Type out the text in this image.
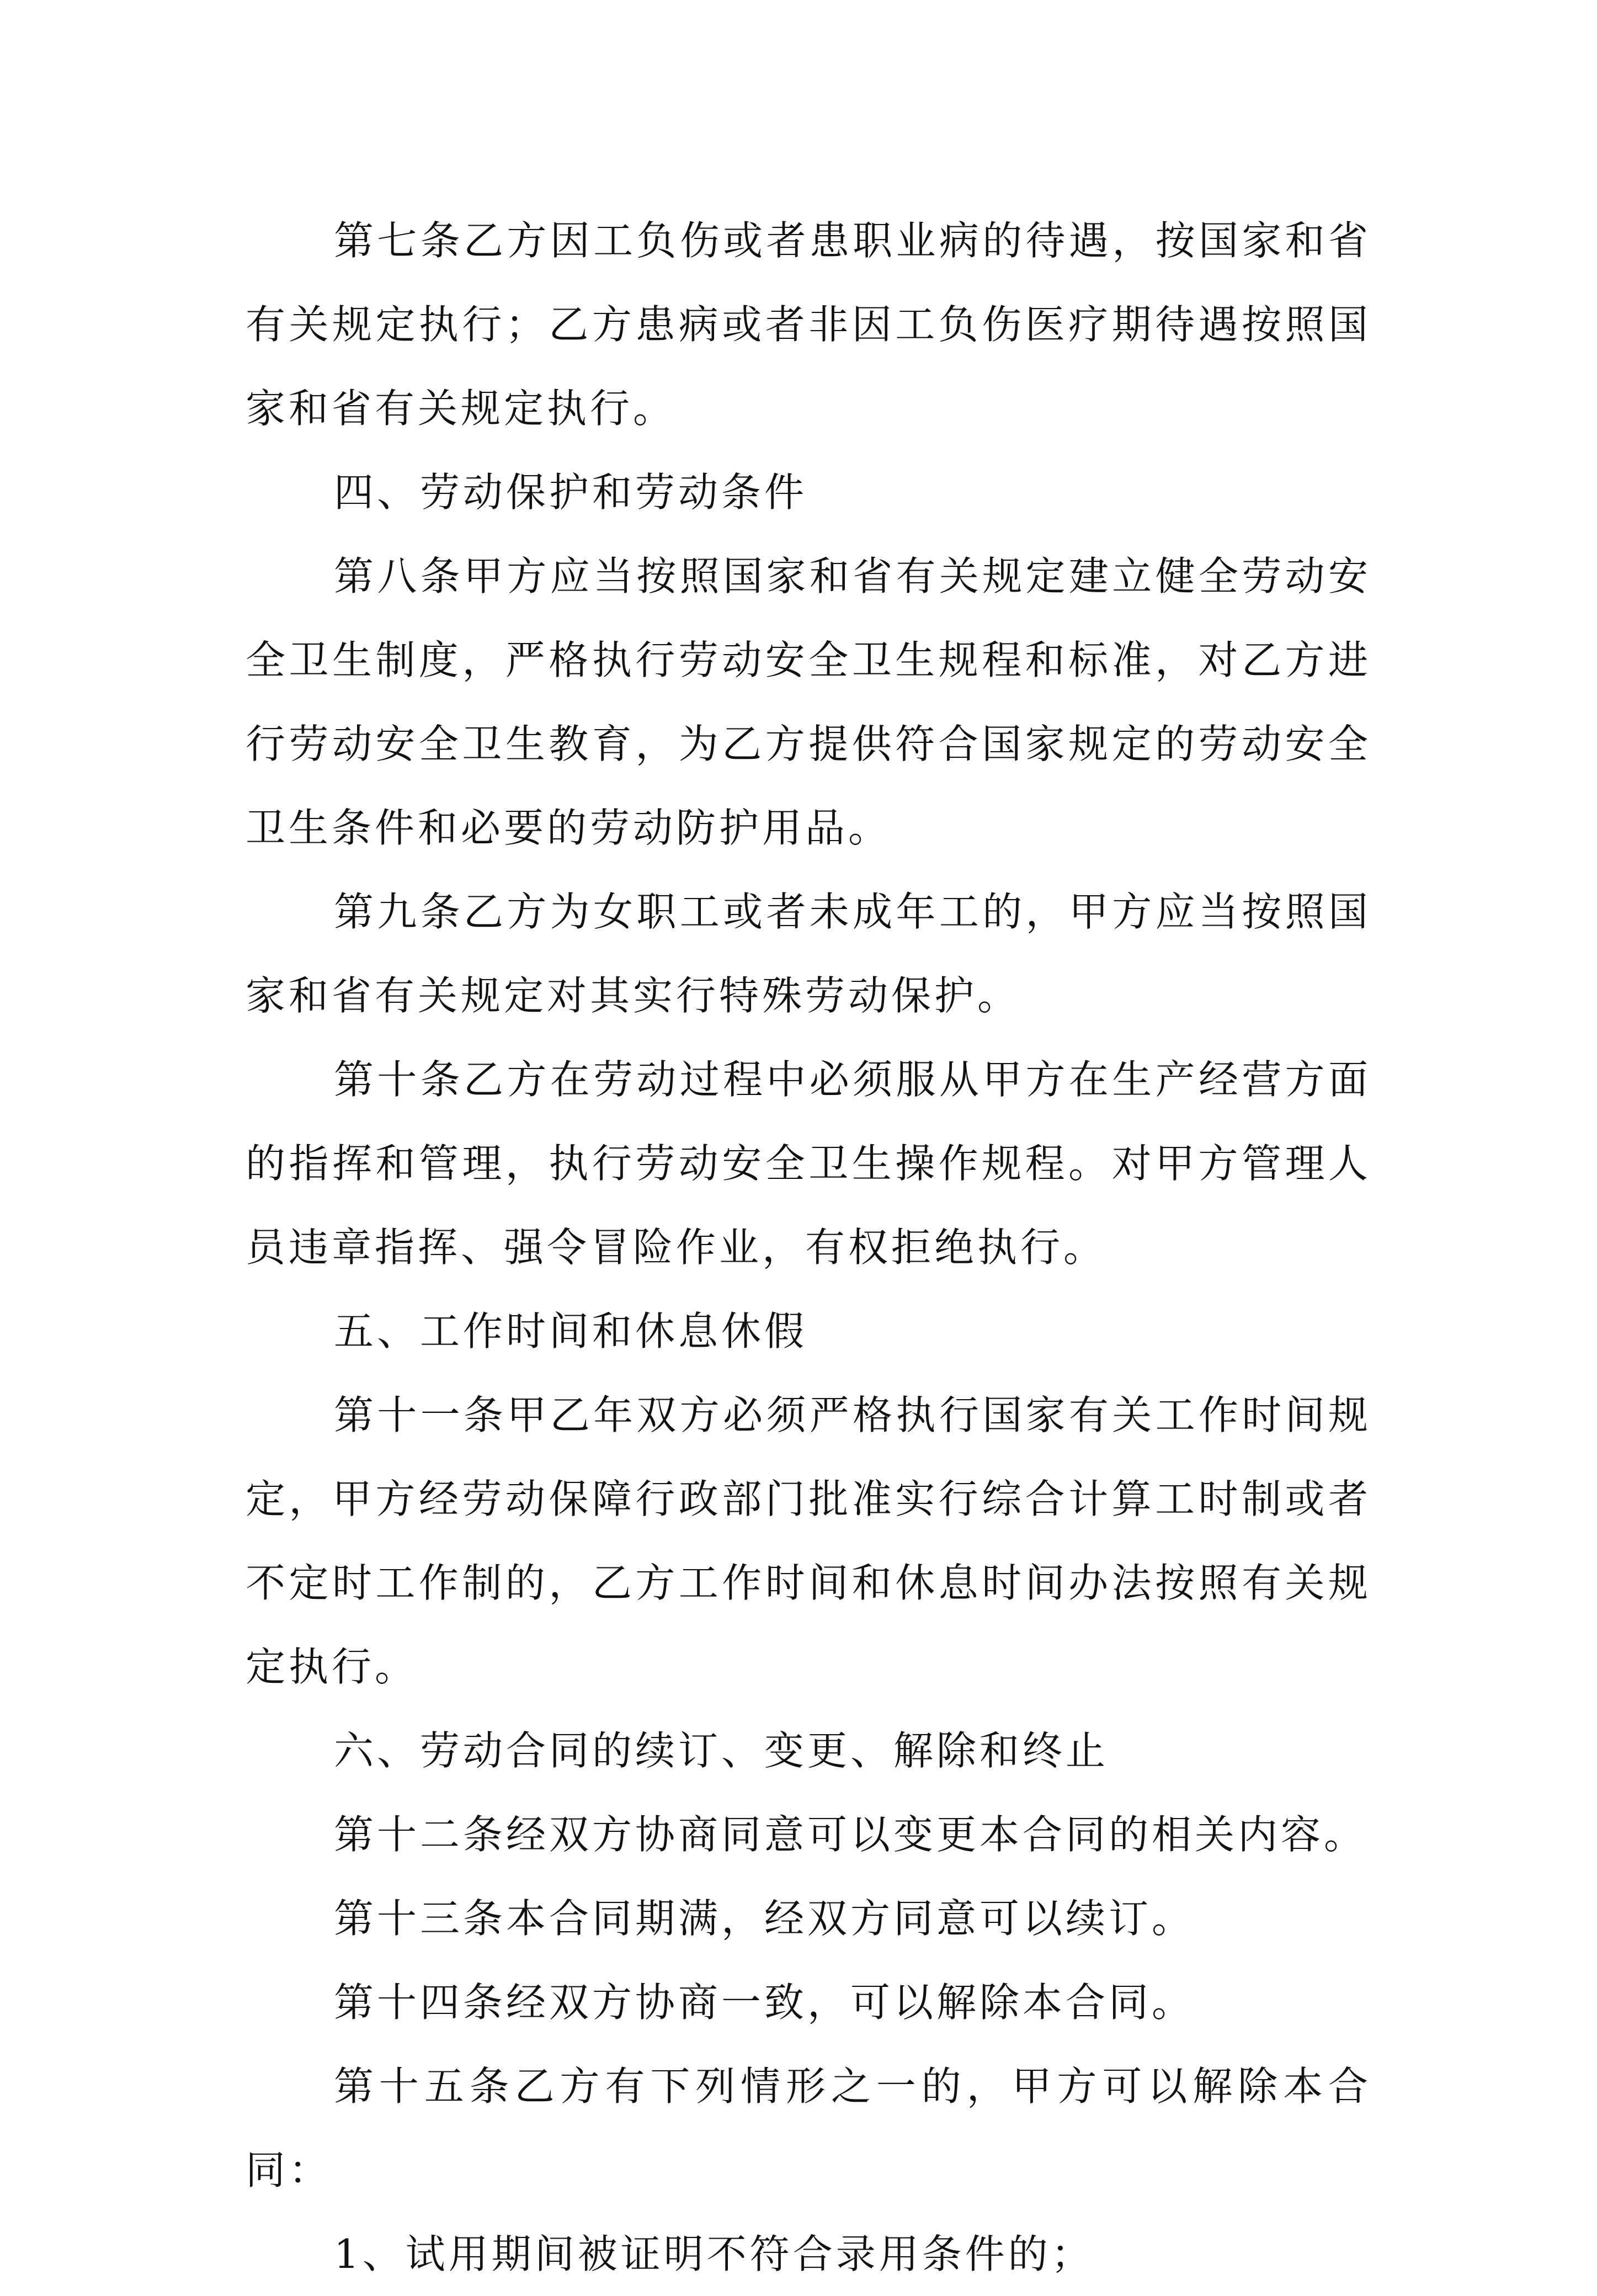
第七条乙方因工负伤或者患职业病的待遇，按国家和省有关规定执行；乙方患病或者非因工负伤医疗期待遇按照国家和省有关规定执行。

四、劳动保护和劳动条件

第八条甲方应当按照国家和省有关规定建立健全劳动安全卫生制度，严格执行劳动安全卫生规程和标准，对乙方进行劳动安全卫生教育，为乙方提供符合国家规定的劳动安全卫生条件和必要的劳动防护用品。

第九条乙方为女职工或者未成年工的，甲方应当按照国家和省有关规定对其实行特殊劳动保护。

第十条乙方在劳动过程中必须服从甲方在生产经营方面的指挥和管理，执行劳动安全卫生操作规程。对甲方管理人员违章指挥、强令冒险作业，有权拒绝执行。

五、工作时间和休息休假

第十一条甲乙年双方必须严格执行国家有关工作时间规定，甲方经劳动保障行政部门批准实行综合计算工时制或者不定时工作制的，乙方工作时间和休息时间办法按照有关规定执行。

六、劳动合同的续订、变更、解除和终止

第十二条经双方协商同意可以变更本合同的相关内容。

第十三条本合同期满，经双方同意可以续订。

第十四条经双方协商一致，可以解除本合同。

第十五条乙方有下列情形之一的，甲方可以解除本合同：

1、试用期间被证明不符合录用条件的；
